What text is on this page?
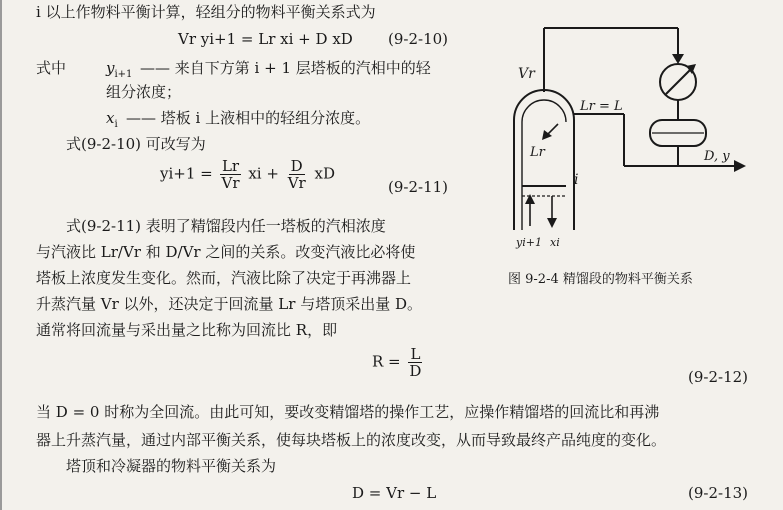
i 以上作物料平衡计算，轻组分的物料平衡关系式为
Vr yi+1 = Lr xi + D xD (9-2-10)
式中	$y_{i+1}$ —— 来自下方第 i + 1 层塔板的汽相中的轻
组分浓度；
$x_i$ —— 塔板 i 上液相中的轻组分浓度。
式(9-2-10) 可改写为
$yi+1 = \frac{Lr}{Vr}$ xi + $\frac{D}{Vr}$ xD
(9-2-11)
式(9-2-11) 表明了精馏段内任一塔板的汽相浓度
与汽液比 Lr/Vr 和 D/Vr 之间的关系。改变汽液比必将使
塔板上浓度发生变化。然而，汽液比除了决定于再沸器上
升蒸汽量 Vr 以外，还决定于回流量 Lr 与塔顶采出量 D。
通常将回流量与采出量之比称为回流比 R，即
$R = \frac{L}{D}$	(9-2-12)
当 D = 0 时称为全回流。由此可知，要改变精馏塔的操作工艺，应操作精馏塔的回流比和再沸
器上升蒸汽量，通过内部平衡关系，使每块塔板上的浓度改变，从而导致最终产品纯度的变化。
塔顶和冷凝器的物料平衡关系为
D = Vr − L	(9-2-13)
Vr
Lr = L
Lr
i
D, y
yi+1 xi
图 9-2-4 精馏段的物料平衡关系
